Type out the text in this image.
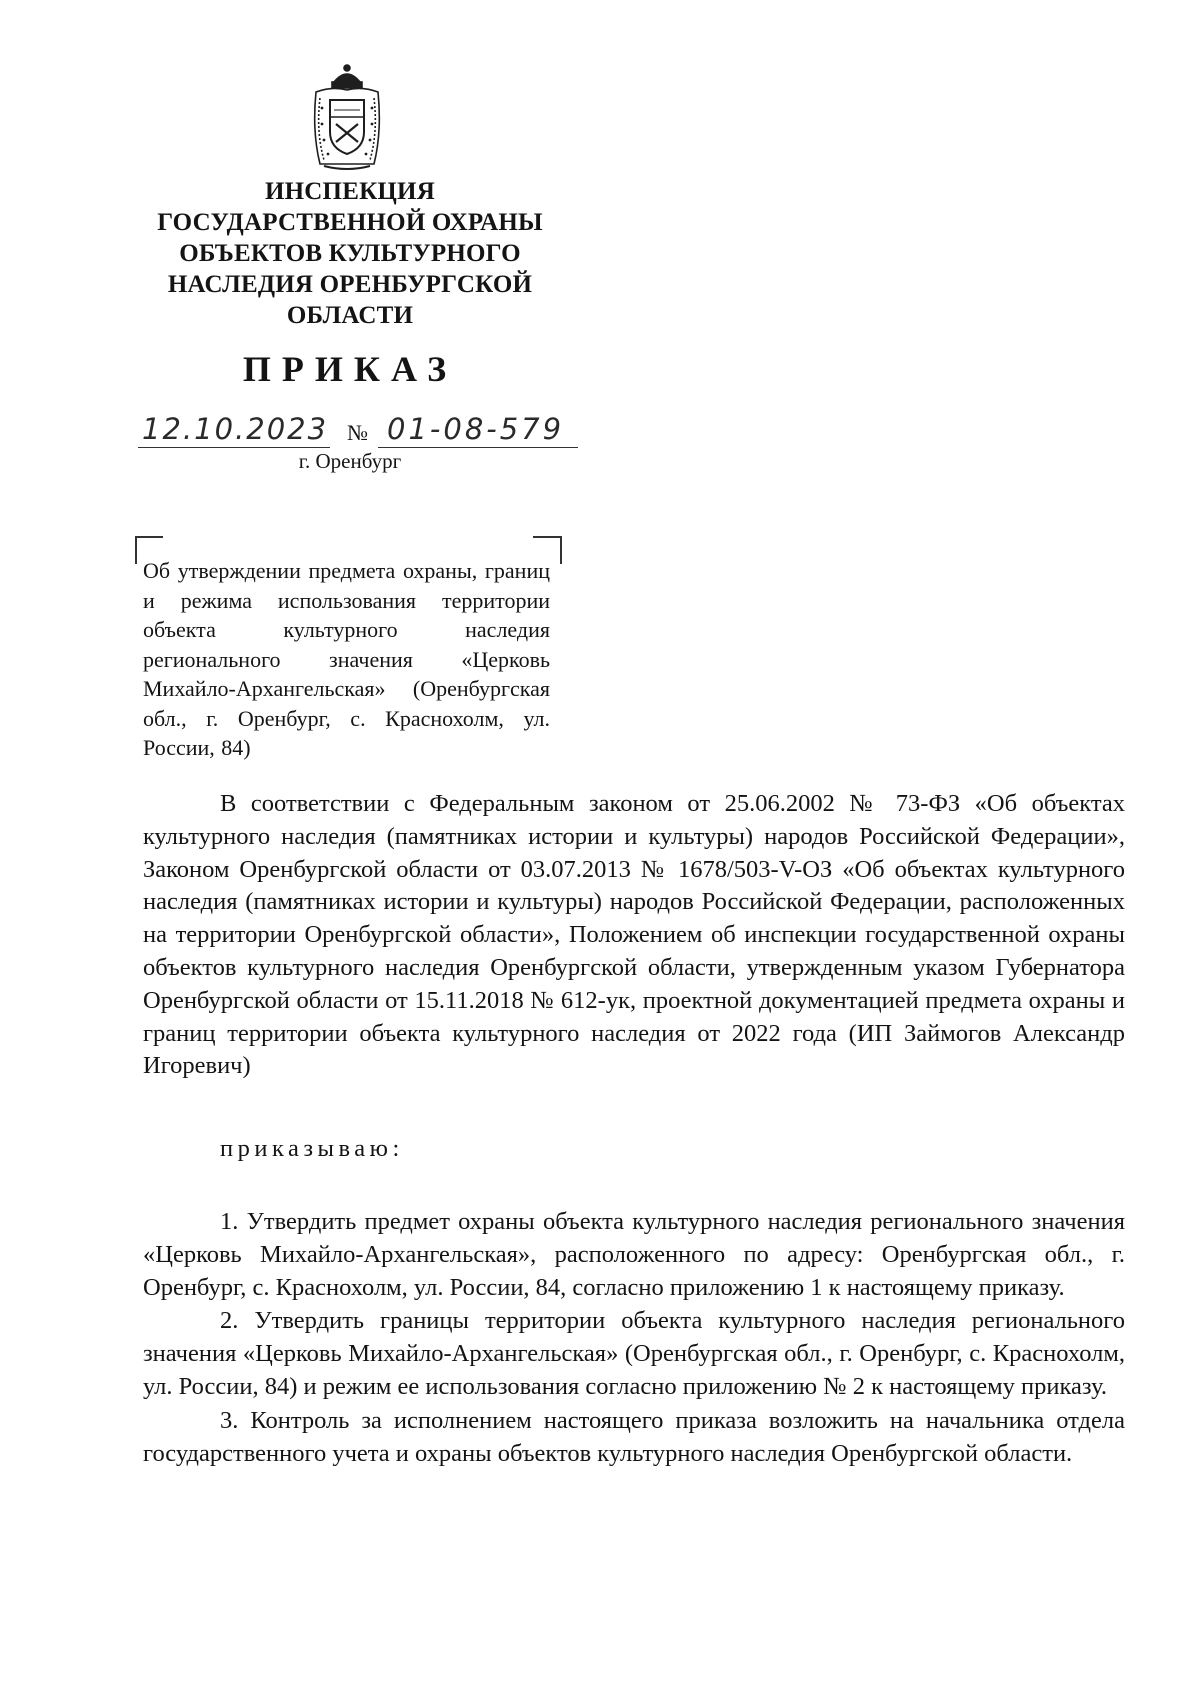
ИНСПЕКЦИЯ
ГОСУДАРСТВЕННОЙ ОХРАНЫ
ОБЪЕКТОВ КУЛЬТУРНОГО
НАСЛЕДИЯ ОРЕНБУРГСКОЙ
ОБЛАСТИ
ПРИКАЗ
12.10.2023 № 01-08-579
г. Оренбург
Об утверждении предмета охраны, границ и режима использования территории объекта культурного наследия регионального значения «Церковь Михайло-Архангельская» (Оренбургская обл., г. Оренбург, с. Краснохолм, ул. России, 84)

В соответствии с Федеральным законом от 25.06.2002 № 73-ФЗ «Об объектах культурного наследия (памятниках истории и культуры) народов Российской Федерации», Законом Оренбургской области от 03.07.2013 № 1678/503-V-ОЗ «Об объектах культурного наследия (памятниках истории и культуры) народов Российской Федерации, расположенных на территории Оренбургской области», Положением об инспекции государственной охраны объектов культурного наследия Оренбургской области, утвержденным указом Губернатора Оренбургской области от 15.11.2018 № 612-ук, проектной документацией предмета охраны и границ территории объекта культурного наследия от 2022 года (ИП Займогов Александр Игоревич)

приказываю:

1. Утвердить предмет охраны объекта культурного наследия регионального значения «Церковь Михайло-Архангельская», расположенного по адресу: Оренбургская обл., г. Оренбург, с. Краснохолм, ул. России, 84, согласно приложению 1 к настоящему приказу.

2. Утвердить границы территории объекта культурного наследия регионального значения «Церковь Михайло-Архангельская» (Оренбургская обл., г. Оренбург, с. Краснохолм, ул. России, 84) и режим ее использования согласно приложению № 2 к настоящему приказу.

3. Контроль за исполнением настоящего приказа возложить на начальника отдела государственного учета и охраны объектов культурного наследия Оренбургской области.
